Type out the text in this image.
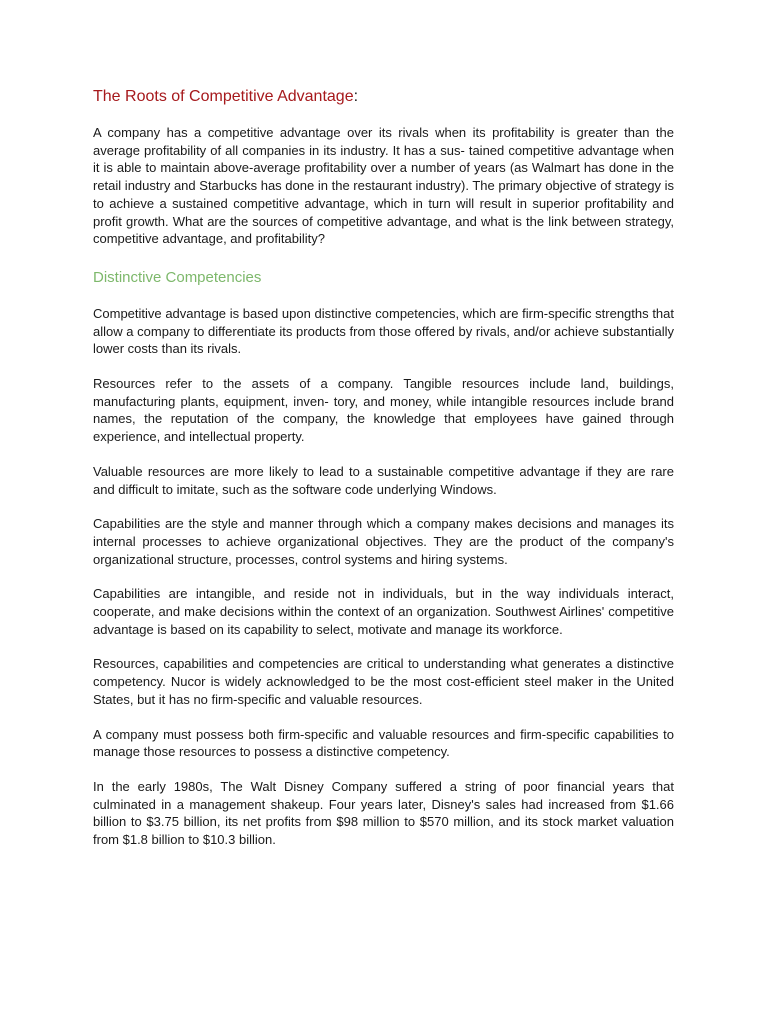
The Roots of Competitive Advantage:

A company has a competitive advantage over its rivals when its profitability is greater than the average profitability of all companies in its industry. It has a sus- tained competitive advantage when it is able to maintain above-average profitability over a number of years (as Walmart has done in the retail industry and Starbucks has done in the restaurant industry). The primary objective of strategy is to achieve a sustained competitive advantage, which in turn will result in superior profitability and profit growth. What are the sources of competitive advantage, and what is the link between strategy, competitive advantage, and profitability?

Distinctive Competencies

Competitive advantage is based upon distinctive competencies, which are firm-specific strengths that allow a company to differentiate its products from those offered by rivals, and/or achieve substantially lower costs than its rivals.

Resources refer to the assets of a company. Tangible resources include land, buildings, manufacturing plants, equipment, inven- tory, and money, while intangible resources include brand names, the reputation of the company, the knowledge that employees have gained through experience, and intellectual property.

Valuable resources are more likely to lead to a sustainable competitive advantage if they are rare and difficult to imitate, such as the software code underlying Windows.

Capabilities are the style and manner through which a company makes decisions and manages its internal processes to achieve organizational objectives. They are the product of the company's organizational structure, processes, control systems and hiring systems.

Capabilities are intangible, and reside not in individuals, but in the way individuals interact, cooperate, and make decisions within the context of an organization. Southwest Airlines' competitive advantage is based on its capability to select, motivate and manage its workforce.

Resources, capabilities and competencies are critical to understanding what generates a distinctive competency. Nucor is widely acknowledged to be the most cost-efficient steel maker in the United States, but it has no firm-specific and valuable resources.

A company must possess both firm-specific and valuable resources and firm-specific capabilities to manage those resources to possess a distinctive competency.

In the early 1980s, The Walt Disney Company suffered a string of poor financial years that culminated in a management shakeup. Four years later, Disney's sales had increased from $1.66 billion to $3.75 billion, its net profits from $98 million to $570 million, and its stock market valuation from $1.8 billion to $10.3 billion.
